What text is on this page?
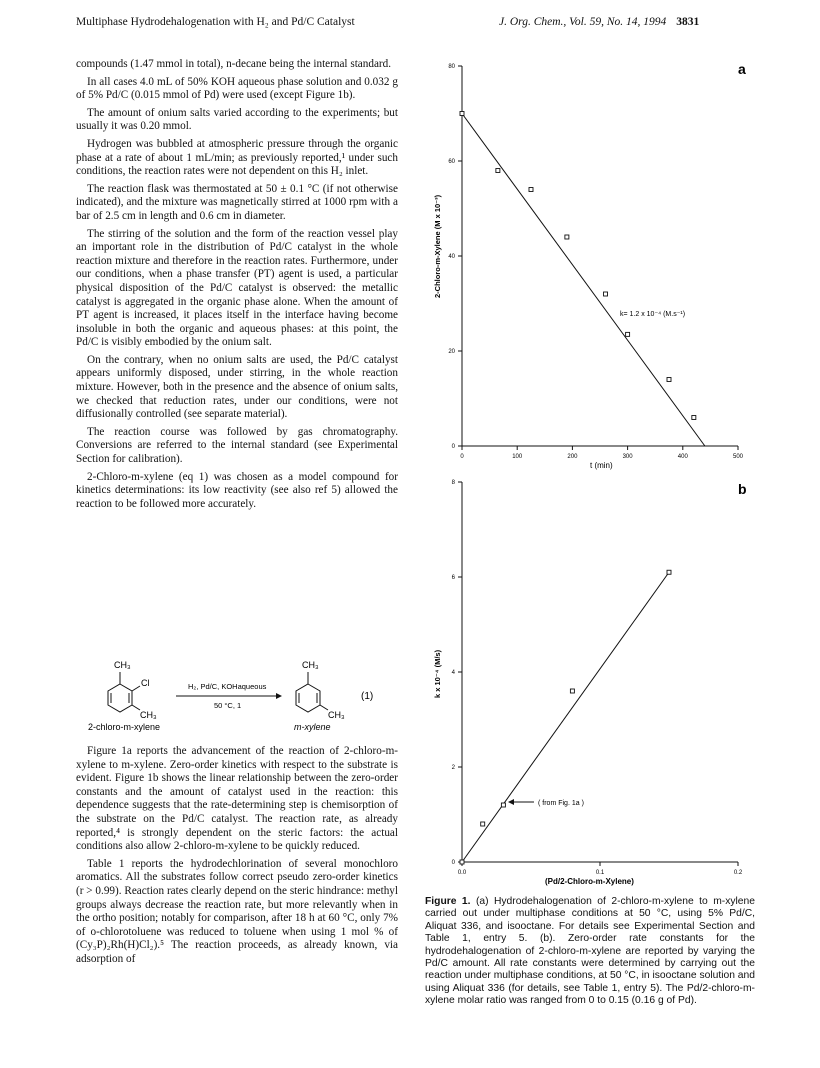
Multiphase Hydrodehalogenation with H₂ and Pd/C Catalyst	J. Org. Chem., Vol. 59, No. 14, 1994 3831

compounds (1.47 mmol in total), n-decane being the internal standard.

In all cases 4.0 mL of 50% KOH aqueous phase solution and 0.032 g of 5% Pd/C (0.015 mmol of Pd) were used (except Figure 1b).

The amount of onium salts varied according to the experiments; but usually it was 0.20 mmol.

Hydrogen was bubbled at atmospheric pressure through the organic phase at a rate of about 1 mL/min; as previously reported,¹ under such conditions, the reaction rates were not dependent on this H₂ inlet.

The reaction flask was thermostated at 50 ± 0.1 °C (if not otherwise indicated), and the mixture was magnetically stirred at 1000 rpm with a bar of 2.5 cm in length and 0.6 cm in diameter.

The stirring of the solution and the form of the reaction vessel play an important role in the distribution of Pd/C catalyst in the whole reaction mixture and therefore in the reaction rates. Furthermore, under our conditions, when a phase transfer (PT) agent is used, a particular physical disposition of the Pd/C catalyst is observed: the metallic catalyst is aggregated in the organic phase alone. When the amount of PT agent is increased, it places itself in the interface having become insoluble in both the organic and aqueous phases: at this point, the Pd/C is visibly embodied by the onium salt.

On the contrary, when no onium salts are used, the Pd/C catalyst appears uniformly disposed, under stirring, in the whole reaction mixture. However, both in the presence and the absence of onium salts, we checked that reduction rates, under our conditions, were not diffusionally controlled (see separate material).

The reaction course was followed by gas chromatography. Conversions are referred to the internal standard (see Experimental Section for calibration).

2-Chloro-m-xylene (eq 1) was chosen as a model compound for kinetics determinations: its low reactivity (see also ref 5) allowed the reaction to be followed more accurately.

CH₃
Cl
CH₃
2-chloro-m-xylene
H₂, Pd/C, KOHaqueous
50 °C, 1
CH₃
CH₃
m-xylene
(1)

Figure 1a reports the advancement of the reaction of 2-chloro-m-xylene to m-xylene. Zero-order kinetics with respect to the substrate is evident. Figure 1b shows the linear relationship between the zero-order constants and the amount of catalyst used in the reaction: this dependence suggests that the rate-determining step is chemisorption of the substrate on the Pd/C catalyst. The reaction rate, as already reported,⁴ is strongly dependent on the steric factors: the actual conditions also allow 2-chloro-m-xylene to be quickly reduced.

Table 1 reports the hydrodechlorination of several monochloro aromatics. All the substrates follow correct pseudo zero-order kinetics (r > 0.99). Reaction rates clearly depend on the steric hindrance: methyl groups always decrease the reaction rate, but more relevantly when in the ortho position; notably for comparison, after 18 h at 60 °C, only 7% of o-chlorotoluene was reduced to toluene when using 1 mol % of (Cy₃P)₂Rh(H)Cl₂).⁵ The reaction proceeds, as already known, via adsorption of

a
t (min)
2-Chloro-m-Xylene (M x 10⁻³)
k= 1.2 x 10⁻⁴ (M.s⁻¹)
0	100	200	300	400	500
0
20
40
60
80
b
(Pd/2-Chloro-m-Xylene)
k x 10⁻⁴ (M/s)
( from Fig. 1a )
0.0	0.1	0.2
0
2
4
6
8
Figure 1. (a) Hydrodehalogenation of 2-chloro-m-xylene to m-xylene carried out under multiphase conditions at 50 °C, using 5% Pd/C, Aliquat 336, and isooctane. For details see Experimental Section and Table 1, entry 5. (b). Zero-order rate constants for the hydrodehalogenation of 2-chloro-m-xylene are reported by varying the Pd/C amount. All rate constants were determined by carrying out the reaction under multiphase conditions, at 50 °C, in isooctane solution and using Aliquat 336 (for details, see Table 1, entry 5). The Pd/2-chloro-m-xylene molar ratio was ranged from 0 to 0.15 (0.16 g of Pd).
